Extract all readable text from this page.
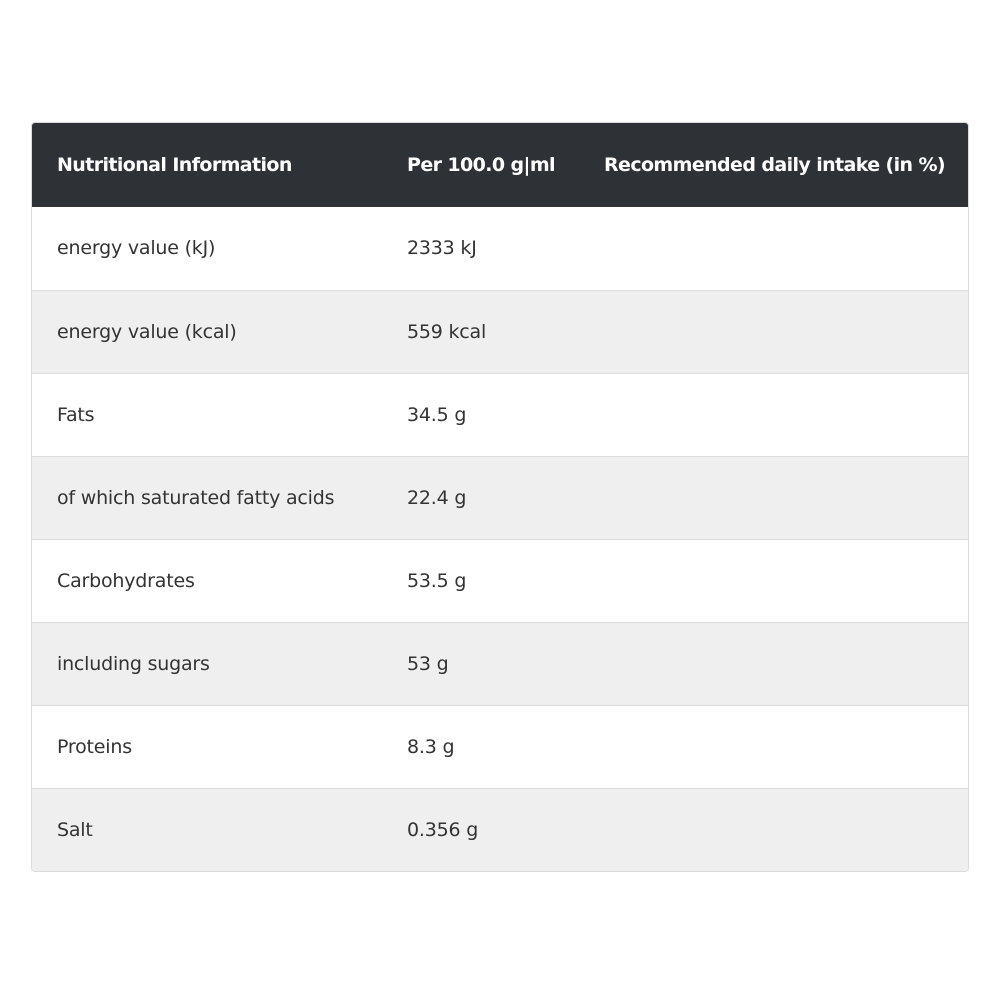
Nutritional Information	Per 100.0 g|ml	Recommended daily intake (in %)
energy value (kJ)	2333 kJ	
energy value (kcal)	559 kcal	
Fats	34.5 g	
of which saturated fatty acids	22.4 g	
Carbohydrates	53.5 g	
including sugars	53 g	
Proteins	8.3 g	
Salt	0.356 g	
